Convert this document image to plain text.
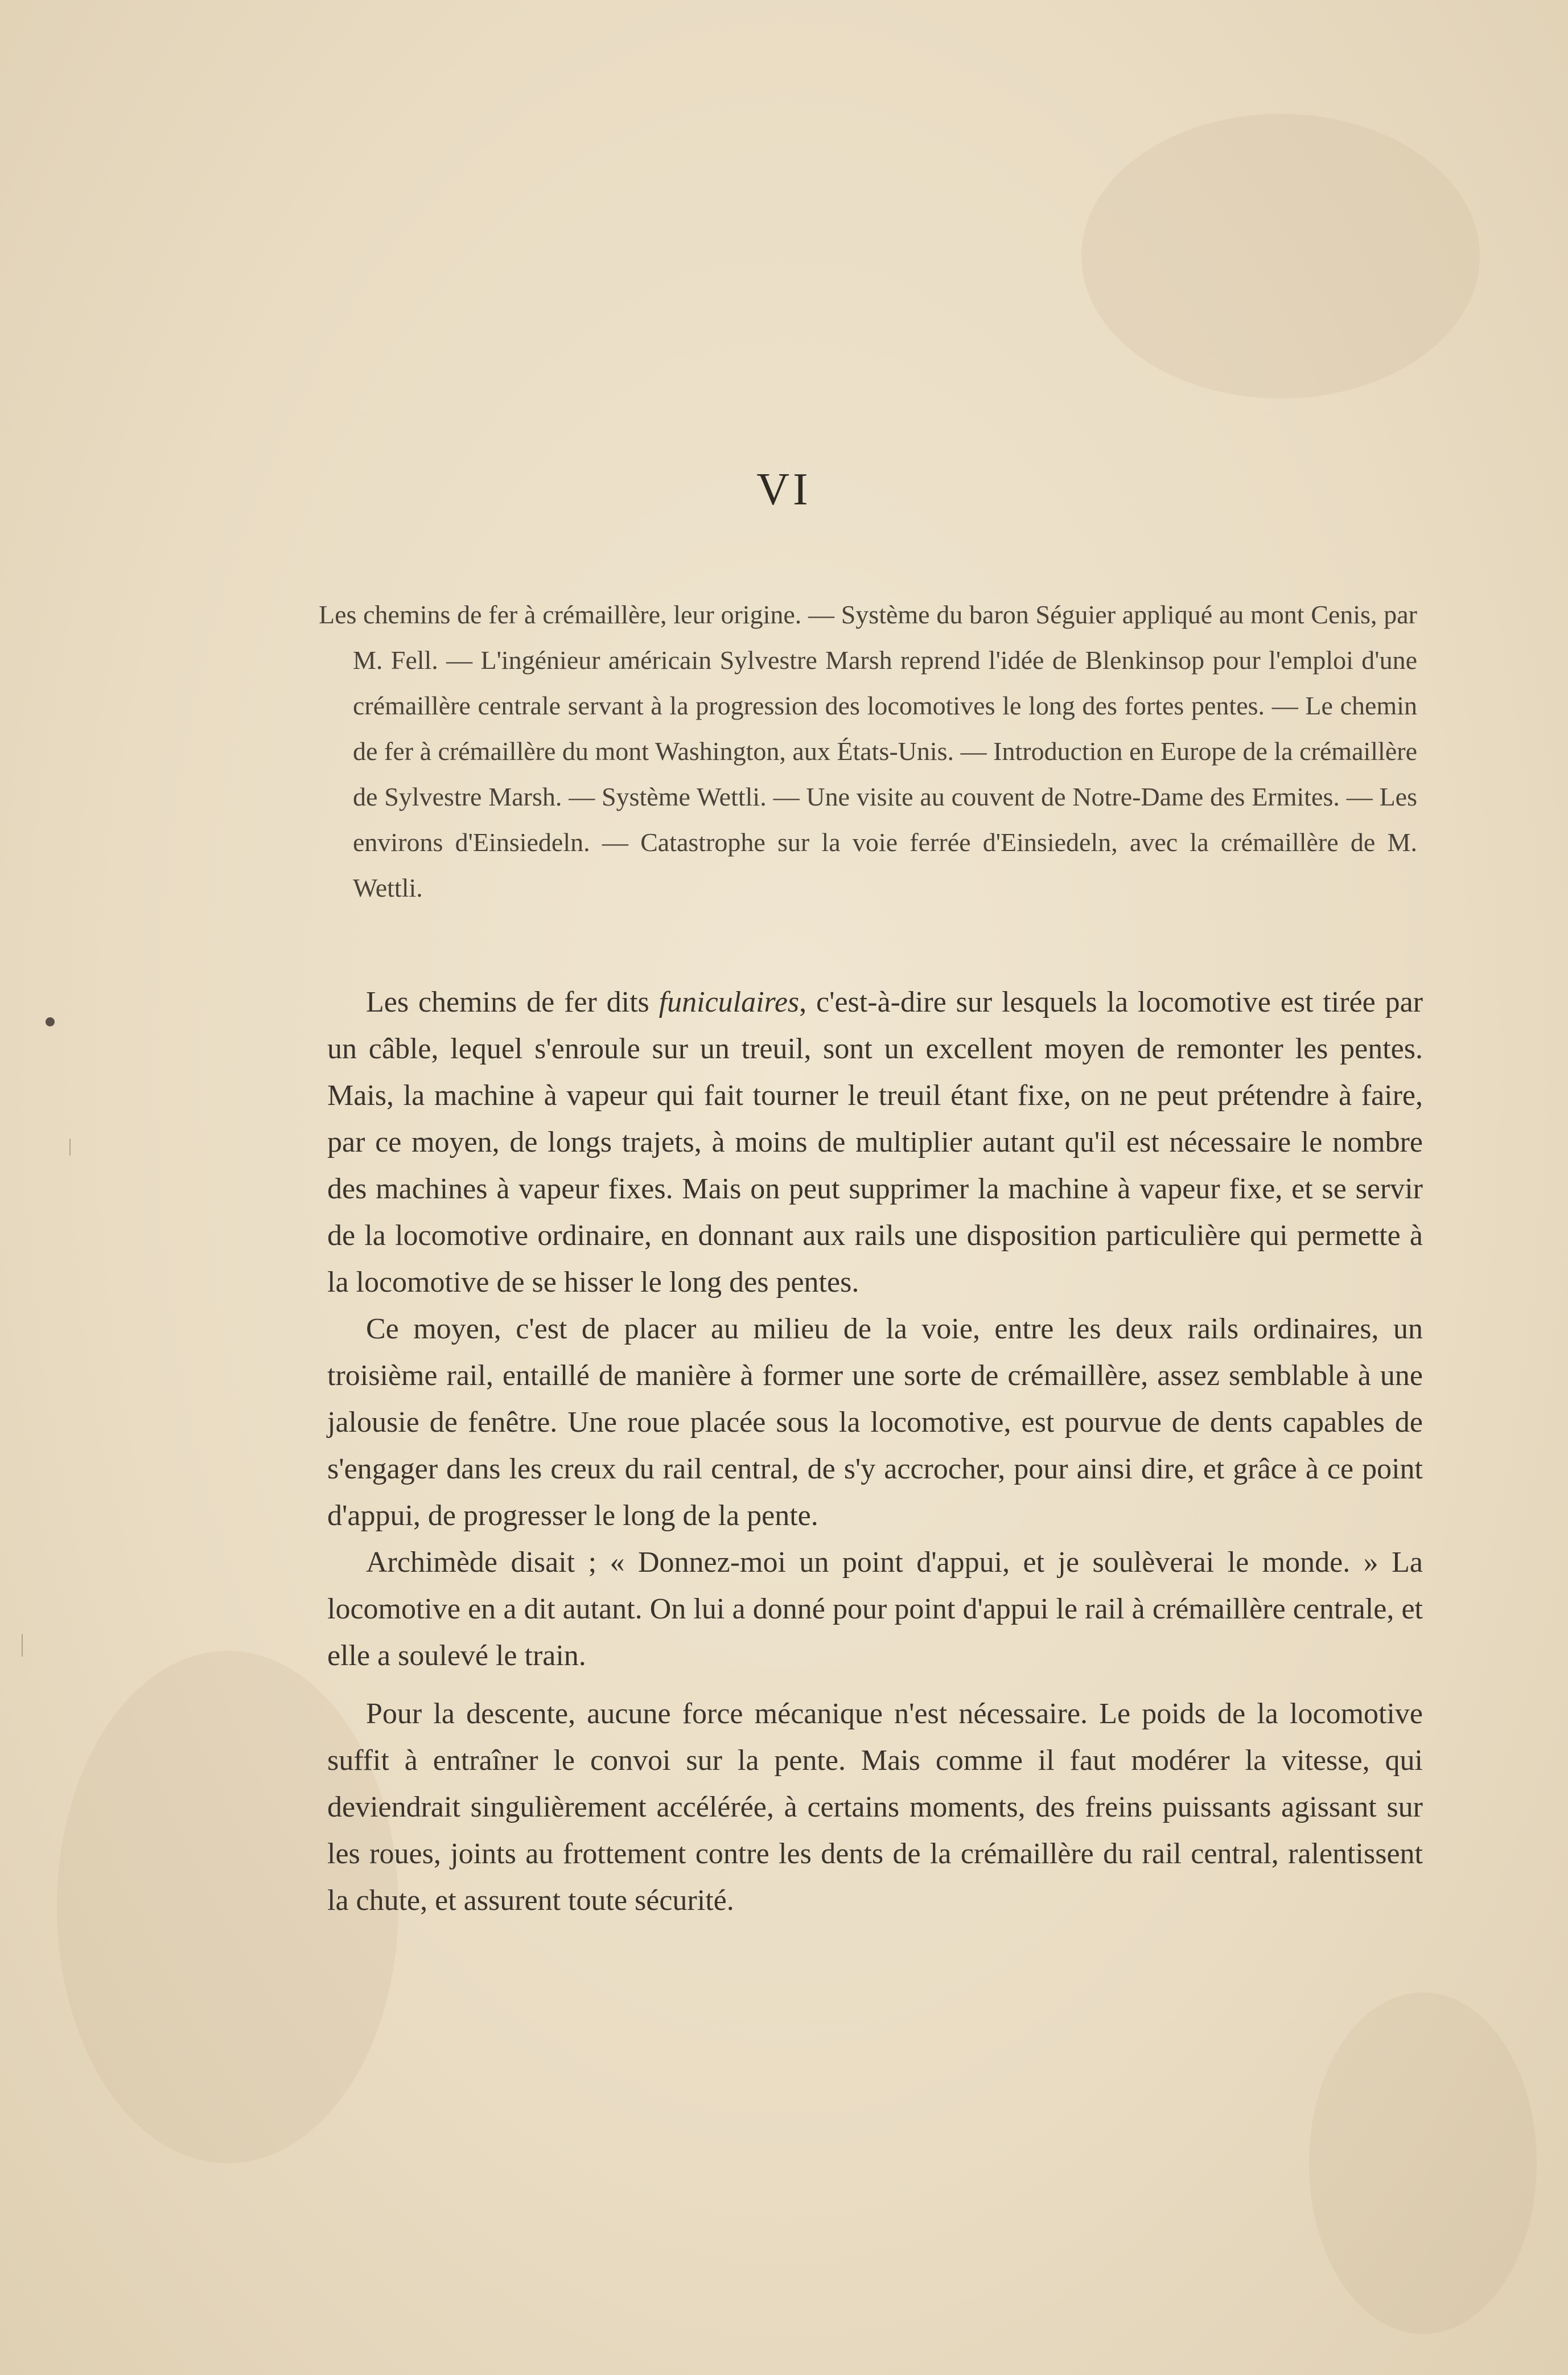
VI

Les chemins de fer à crémaillère, leur origine. — Système du baron Séguier appliqué au mont Cenis, par M. Fell. — L'ingénieur américain Sylvestre Marsh reprend l'idée de Blenkinsop pour l'emploi d'une crémaillère centrale servant à la progression des locomotives le long des fortes pentes. — Le chemin de fer à crémaillère du mont Washington, aux États-Unis. — Introduction en Europe de la crémaillère de Sylvestre Marsh. — Système Wettli. — Une visite au couvent de Notre-Dame des Ermites. — Les environs d'Einsiedeln. — Catastrophe sur la voie ferrée d'Einsiedeln, avec la crémaillère de M. Wettli.

Les chemins de fer dits funiculaires, c'est-à-dire sur lesquels la locomotive est tirée par un câble, lequel s'enroule sur un treuil, sont un excellent moyen de remonter les pentes. Mais, la machine à vapeur qui fait tourner le treuil étant fixe, on ne peut prétendre à faire, par ce moyen, de longs trajets, à moins de multiplier autant qu'il est nécessaire le nombre des machines à vapeur fixes. Mais on peut supprimer la machine à vapeur fixe, et se servir de la locomotive ordinaire, en donnant aux rails une disposition particulière qui permette à la locomotive de se hisser le long des pentes.

Ce moyen, c'est de placer au milieu de la voie, entre les deux rails ordinaires, un troisième rail, entaillé de manière à former une sorte de crémaillère, assez semblable à une jalousie de fenêtre. Une roue placée sous la locomotive, est pourvue de dents capables de s'engager dans les creux du rail central, de s'y accrocher, pour ainsi dire, et grâce à ce point d'appui, de progresser le long de la pente.

Archimède disait ; « Donnez-moi un point d'appui, et je soulèverai le monde. » La locomotive en a dit autant. On lui a donné pour point d'appui le rail à crémaillère centrale, et elle a soulevé le train.

Pour la descente, aucune force mécanique n'est nécessaire. Le poids de la locomotive suffit à entraîner le convoi sur la pente. Mais comme il faut modérer la vitesse, qui deviendrait singulièrement accélérée, à certains moments, des freins puissants agissant sur les roues, joints au frottement contre les dents de la crémaillère du rail central, ralentissent la chute, et assurent toute sécurité.
